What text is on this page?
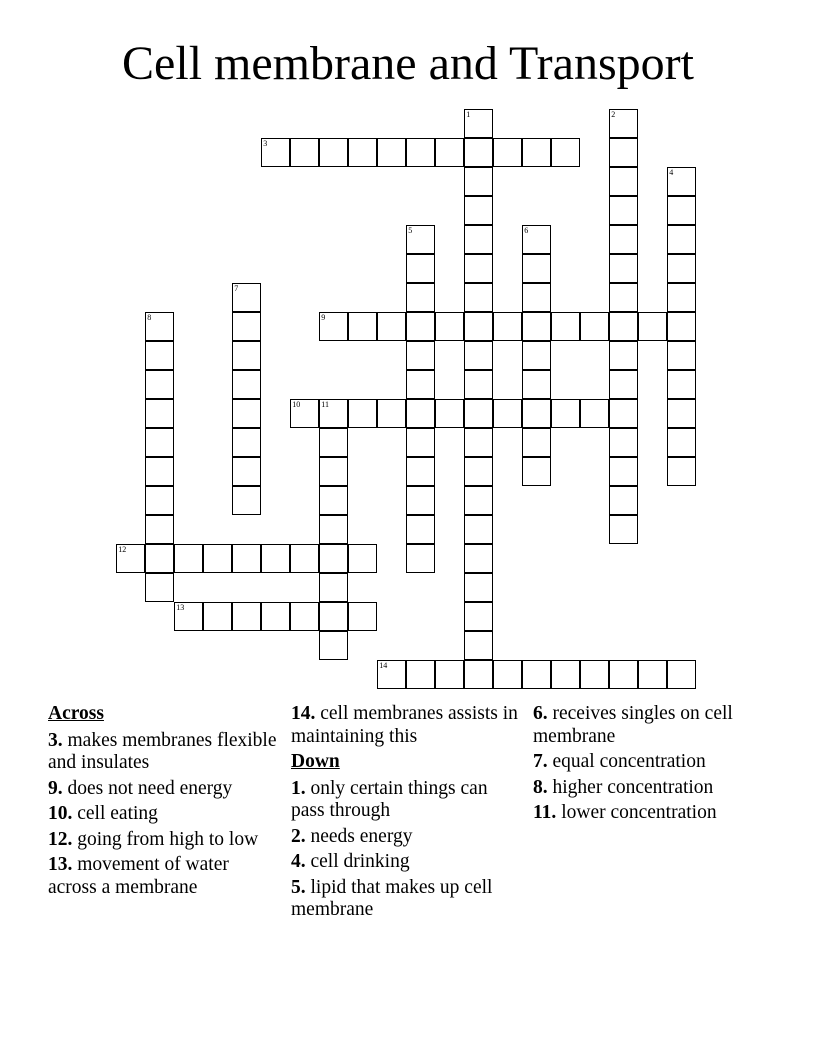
Cell membrane and Transport
1	2
3
4
5	6
7
8	9
10	11
12
13
14
Across
3. makes membranes flexible and insulates
9. does not need energy
10. cell eating
12. going from high to low
13. movement of water across a membrane
14. cell membranes assists in maintaining this
Down
1. only certain things can pass through
2. needs energy
4. cell drinking
5. lipid that makes up cell membrane
6. receives singles on cell membrane
7. equal concentration
8. higher concentration
11. lower concentration
